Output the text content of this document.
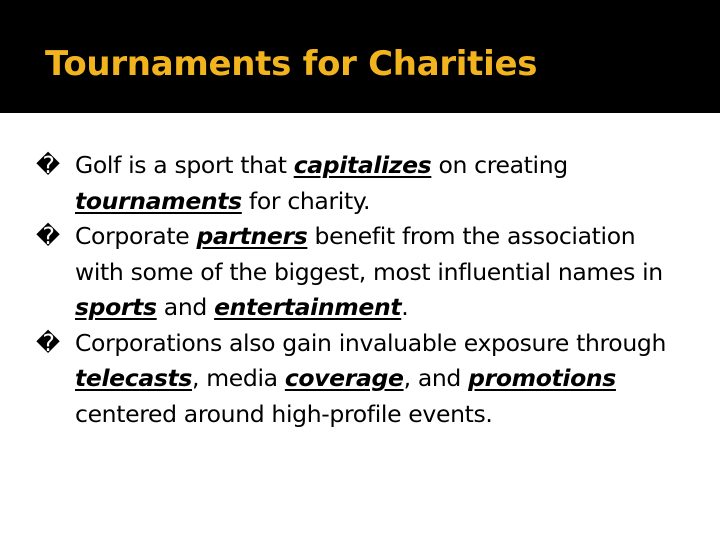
Tournaments for Charities
� Golf is a sport that capitalizes on creating tournaments for charity.
� Corporate partners benefit from the association with some of the biggest, most influential names in sports and entertainment.
� Corporations also gain invaluable exposure through telecasts, media coverage, and promotions centered around high-profile events.
